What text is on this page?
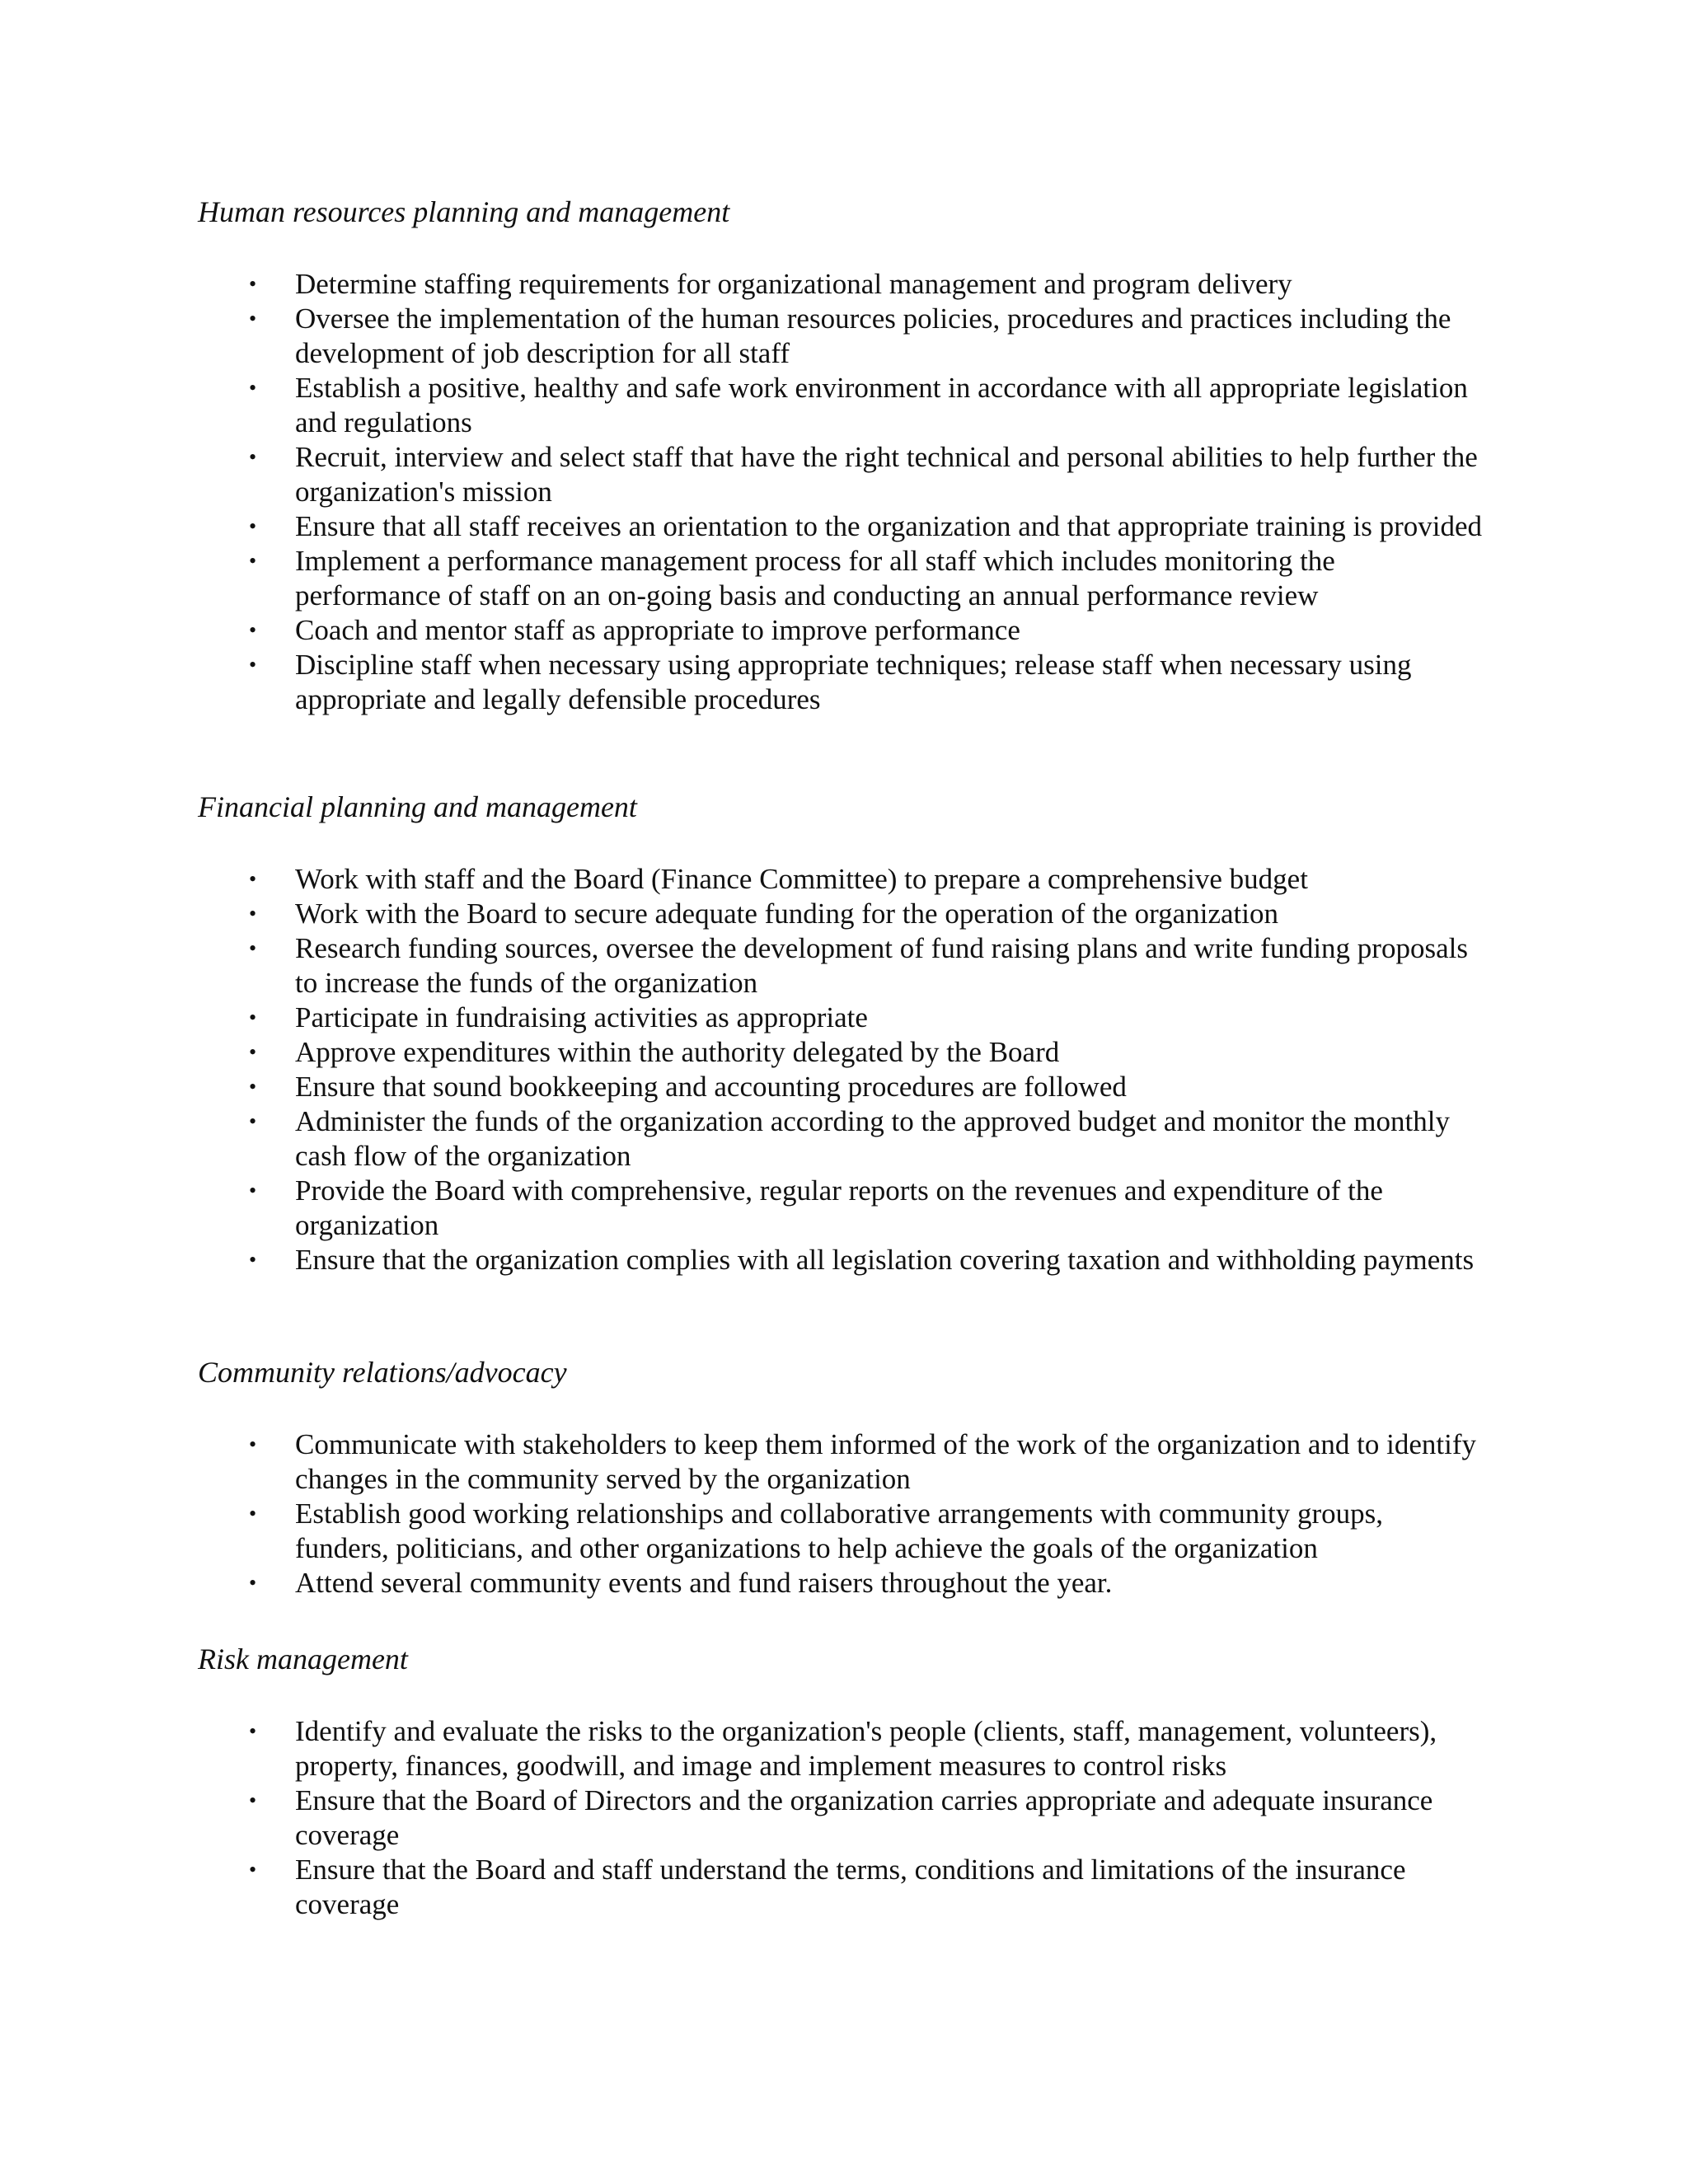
Human resources planning and management
• Determine staffing requirements for organizational management and program delivery
• Oversee the implementation of the human resources policies, procedures and practices including the development of job description for all staff
• Establish a positive, healthy and safe work environment in accordance with all appropriate legislation and regulations
• Recruit, interview and select staff that have the right technical and personal abilities to help further the organization's mission
• Ensure that all staff receives an orientation to the organization and that appropriate training is provided
• Implement a performance management process for all staff which includes monitoring the performance of staff on an on-going basis and conducting an annual performance review
• Coach and mentor staff as appropriate to improve performance
• Discipline staff when necessary using appropriate techniques; release staff when necessary using appropriate and legally defensible procedures
Financial planning and management
• Work with staff and the Board (Finance Committee) to prepare a comprehensive budget
• Work with the Board to secure adequate funding for the operation of the organization
• Research funding sources, oversee the development of fund raising plans and write funding proposals to increase the funds of the organization
• Participate in fundraising activities as appropriate
• Approve expenditures within the authority delegated by the Board
• Ensure that sound bookkeeping and accounting procedures are followed
• Administer the funds of the organization according to the approved budget and monitor the monthly cash flow of the organization
• Provide the Board with comprehensive, regular reports on the revenues and expenditure of the organization
• Ensure that the organization complies with all legislation covering taxation and withholding payments
Community relations/advocacy
• Communicate with stakeholders to keep them informed of the work of the organization and to identify changes in the community served by the organization
• Establish good working relationships and collaborative arrangements with community groups, funders, politicians, and other organizations to help achieve the goals of the organization
• Attend several community events and fund raisers throughout the year.
Risk management
• Identify and evaluate the risks to the organization's people (clients, staff, management, volunteers), property, finances, goodwill, and image and implement measures to control risks
• Ensure that the Board of Directors and the organization carries appropriate and adequate insurance coverage
• Ensure that the Board and staff understand the terms, conditions and limitations of the insurance coverage
